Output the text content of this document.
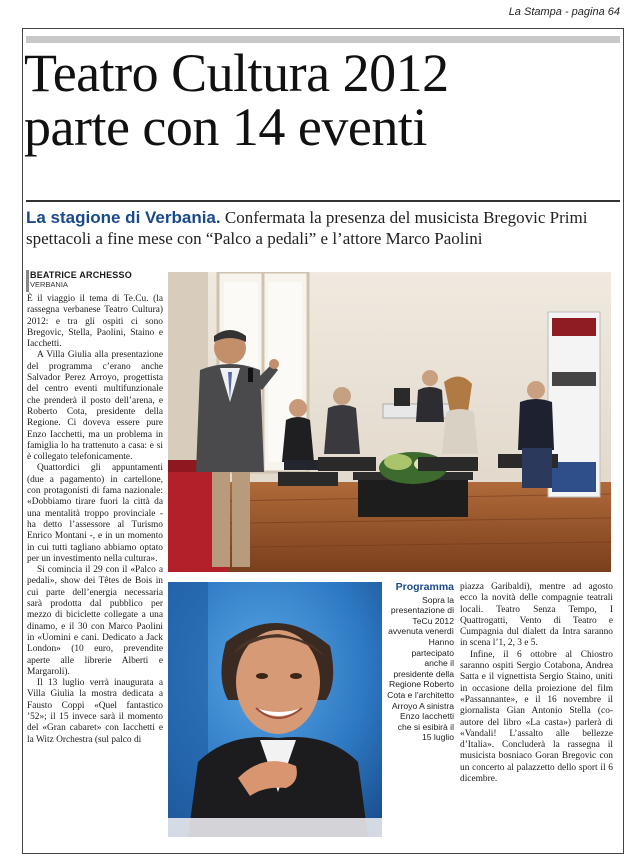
La Stampa - pagina 64
Teatro Cultura 2012
parte con 14 eventi
La stagione di Verbania. Confermata la presenza del musicista Bregovic Primi spettacoli a fine mese con “Palco a pedali” e l’attore Marco Paolini
BEATRICE ARCHESSO
VERBANIA

È il viaggio il tema di Te.Cu. (la rassegna verbanese Teatro Cultura) 2012: e tra gli ospiti ci sono Bregovic, Stella, Paolini, Staino e Iacchetti.

A Villa Giulia alla presentazione del programma c’erano anche Salvador Perez Arroyo, progettista del centro eventi multifunzionale che prenderà il posto dell’arena, e Roberto Cota, presidente della Regione. Ci doveva essere pure Enzo Iacchetti, ma un problema in famiglia lo ha trattenuto a casa: e si è collegato telefonicamente.

Quattordici gli appuntamenti (due a pagamento) in cartellone, con protagonisti di fama nazionale: «Dobbiamo tirare fuori la città da una mentalità troppo provinciale - ha detto l’assessore al Turismo Enrico Montani -, e in un momento in cui tutti tagliano abbiamo optato per un investimento nella cultura».

Si comincia il 29 con il «Palco a pedali», show dei Têtes de Bois in cui parte dell’energia necessaria sarà prodotta dal pubblico per mezzo di biciclette collegate a una dinamo, e il 30 con Marco Paolini in «Uomini e cani. Dedicato a Jack London» (10 euro, prevendite aperte alle librerie Alberti e Margaroli).

Il 13 luglio verrà inaugurata a Villa Giulia la mostra dedicata a Fausto Coppi «Quel fantastico ’52»; il 15 invece sarà il momento del «Gran cabaret» con Iacchetti e la Witz Orchestra (sul palco di

Programma
Sopra la presentazione di TeCu 2012 avvenuta venerdì Hanno partecipato anche il presidente della Regione Roberto Cota e l’architetto Arroyo A sinistra Enzo Iacchetti che si esibirà il 15 luglio

piazza Garibaldi), mentre ad agosto ecco la novità delle compagnie teatrali locali. Teatro Senza Tempo, I Quattrogatti, Vento di Teatro e Cumpagnia dul dialett da Intra saranno in scena l’1, 2, 3 e 5.

Infine, il 6 ottobre al Chiostro saranno ospiti Sergio Cotabona, Andrea Satta e il vignettista Sergio Staino, uniti in occasione della proiezione del film «Passannante», e il 16 novembre il giornalista Gian Antonio Stella (co-autore del libro «La casta») parlerà di «Vandali! L’assalto alle bellezze d’Italia». Concluderà la rassegna il musicista bosniaco Goran Bregovic con un concerto al palazzetto dello sport il 6 dicembre.
